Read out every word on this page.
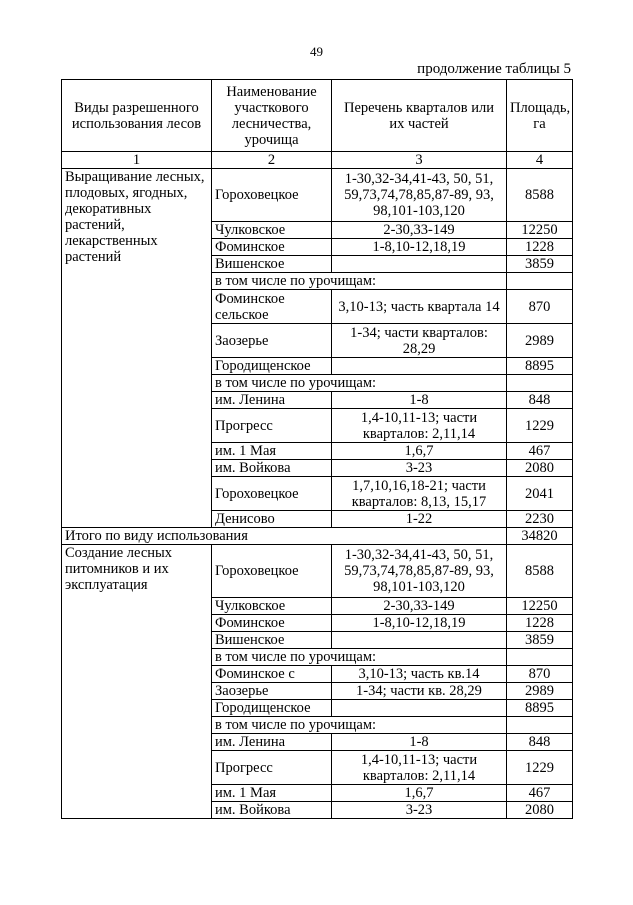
49
продолжение таблицы 5
Виды разрешенного использования лесов	Наименование участкового лесничества, урочища	Перечень кварталов или их частей	Площадь, га
1	2	3	4
Выращивание лесных, плодовых, ягодных, декоративных растений, лекарственных растений	Гороховецкое	1-30,32-34,41-43, 50, 51, 59,73,74,78,85,87-89, 93, 98,101-103,120	8588
	Чулковское	2-30,33-149	12250
	Фоминское	1-8,10-12,18,19	1228
	Вишенское		3859
	в том числе по урочищам:		
	Фоминское сельское	3,10-13; часть квартала 14	870
	Заозерье	1-34; части кварталов: 28,29	2989
	Городищенское		8895
	в том числе по урочищам:		
	им. Ленина	1-8	848
	Прогресс	1,4-10,11-13; части кварталов: 2,11,14	1229
	им. 1 Мая	1,6,7	467
	им. Войкова	3-23	2080
	Гороховецкое	1,7,10,16,18-21; части кварталов: 8,13, 15,17	2041
	Денисово	1-22	2230
Итого по виду использования			34820
Создание лесных питомников и их эксплуатация	Гороховецкое	1-30,32-34,41-43, 50, 51, 59,73,74,78,85,87-89, 93, 98,101-103,120	8588
	Чулковское	2-30,33-149	12250
	Фоминское	1-8,10-12,18,19	1228
	Вишенское		3859
	в том числе по урочищам:		
	Фоминское с	3,10-13; часть кв.14	870
	Заозерье	1-34; части кв. 28,29	2989
	Городищенское		8895
	в том числе по урочищам:		
	им. Ленина	1-8	848
	Прогресс	1,4-10,11-13; части кварталов: 2,11,14	1229
	им. 1 Мая	1,6,7	467
	им. Войкова	3-23	2080
